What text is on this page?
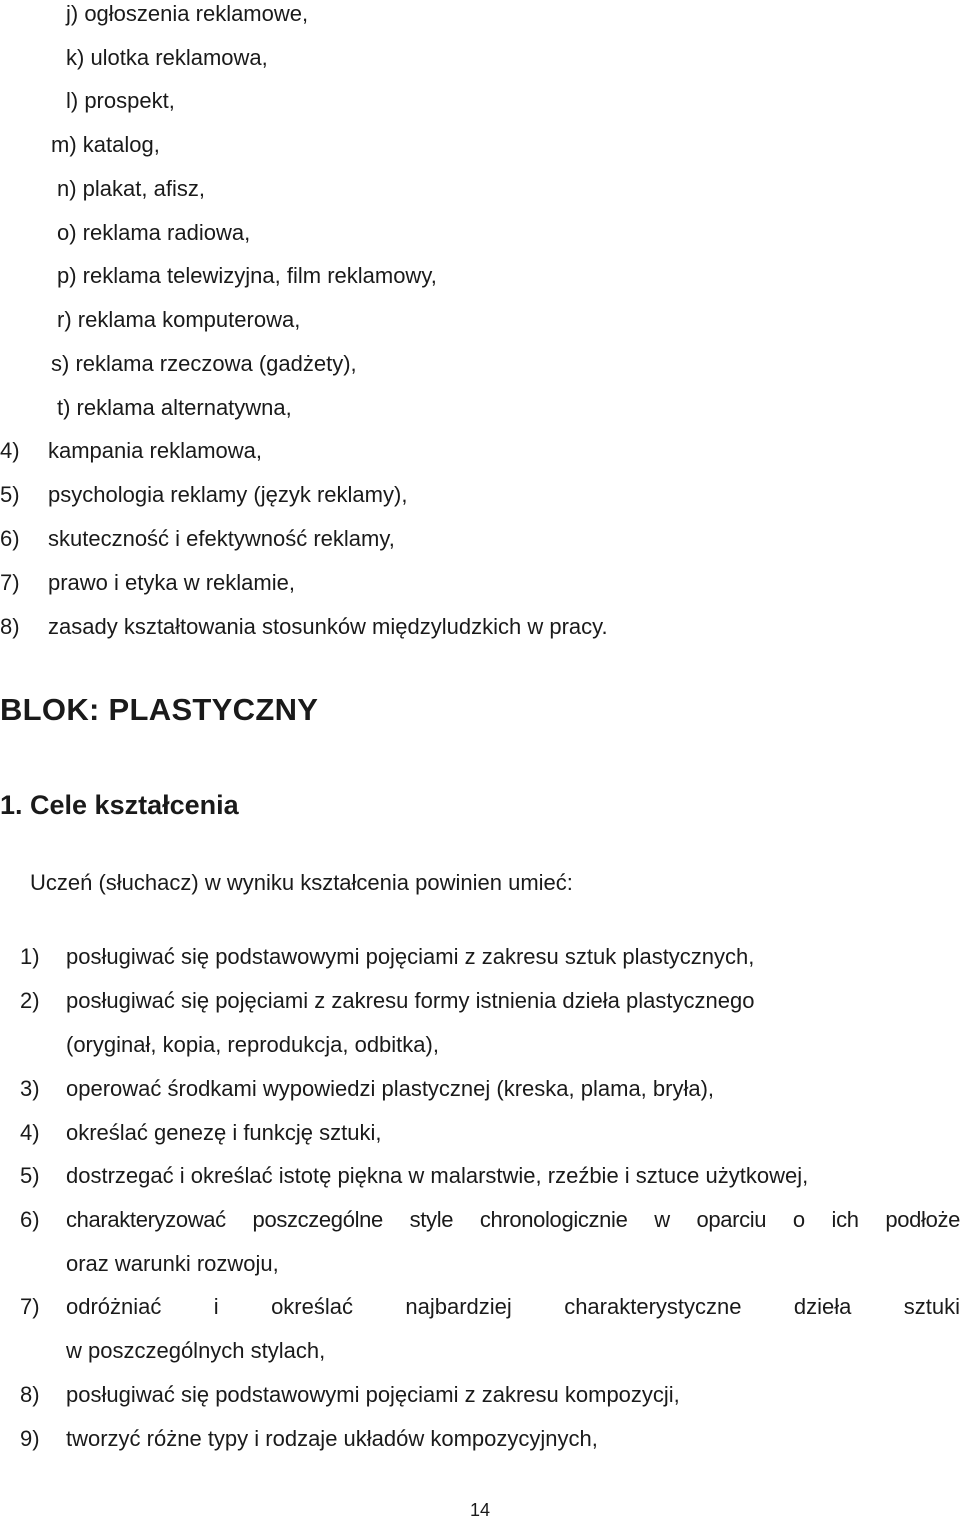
j) ogłoszenia reklamowe,
k) ulotka reklamowa,
l) prospekt,
m) katalog,
n) plakat, afisz,
o) reklama radiowa,
p) reklama telewizyjna, film reklamowy,
r) reklama komputerowa,
s) reklama rzeczowa (gadżety),
t) reklama alternatywna,
4) kampania reklamowa,
5) psychologia reklamy (język reklamy),
6) skuteczność i efektywność reklamy,
7) prawo i etyka w reklamie,
8) zasady kształtowania stosunków międzyludzkich w pracy.
BLOK: PLASTYCZNY
1. Cele kształcenia
Uczeń (słuchacz) w wyniku kształcenia powinien umieć:
1) posługiwać się podstawowymi pojęciami z zakresu sztuk plastycznych,
2) posługiwać się pojęciami z zakresu formy istnienia dzieła plastycznego
(oryginał, kopia, reprodukcja, odbitka),
3) operować środkami wypowiedzi plastycznej (kreska, plama, bryła),
4) określać genezę i funkcję sztuki,
5) dostrzegać i określać istotę piękna w malarstwie, rzeźbie i sztuce użytkowej,
6) charakteryzować poszczególne style chronologicznie w oparciu o ich podłoże
oraz warunki rozwoju,
7) odróżniać i określać najbardziej charakterystyczne dzieła sztuki
w poszczególnych stylach,
8) posługiwać się podstawowymi pojęciami z zakresu kompozycji,
9) tworzyć różne typy i rodzaje układów kompozycyjnych,
14
